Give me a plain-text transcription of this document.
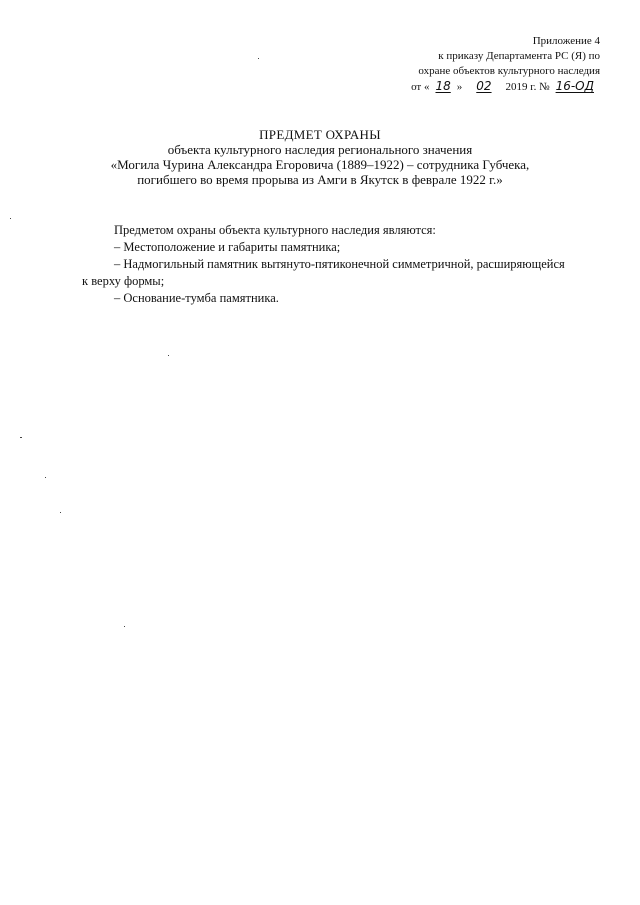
Приложение 4
к приказу Департамента РС (Я) по
охране объектов культурного наследия
от « 18 » 02 2019 г. № 16-ОД
ПРЕДМЕТ ОХРАНЫ
объекта культурного наследия регионального значения
«Могила Чурина Александра Егоровича (1889–1922) – сотрудника Губчека,
погибшего во время прорыва из Амги в Якутск в феврале 1922 г.»

Предметом охраны объекта культурного наследия являются:

– Местоположение и габариты памятника;

– Надмогильный памятник вытянуто-пятиконечной симметричной, расширяющейся
к верху формы;

– Основание-тумба памятника.
